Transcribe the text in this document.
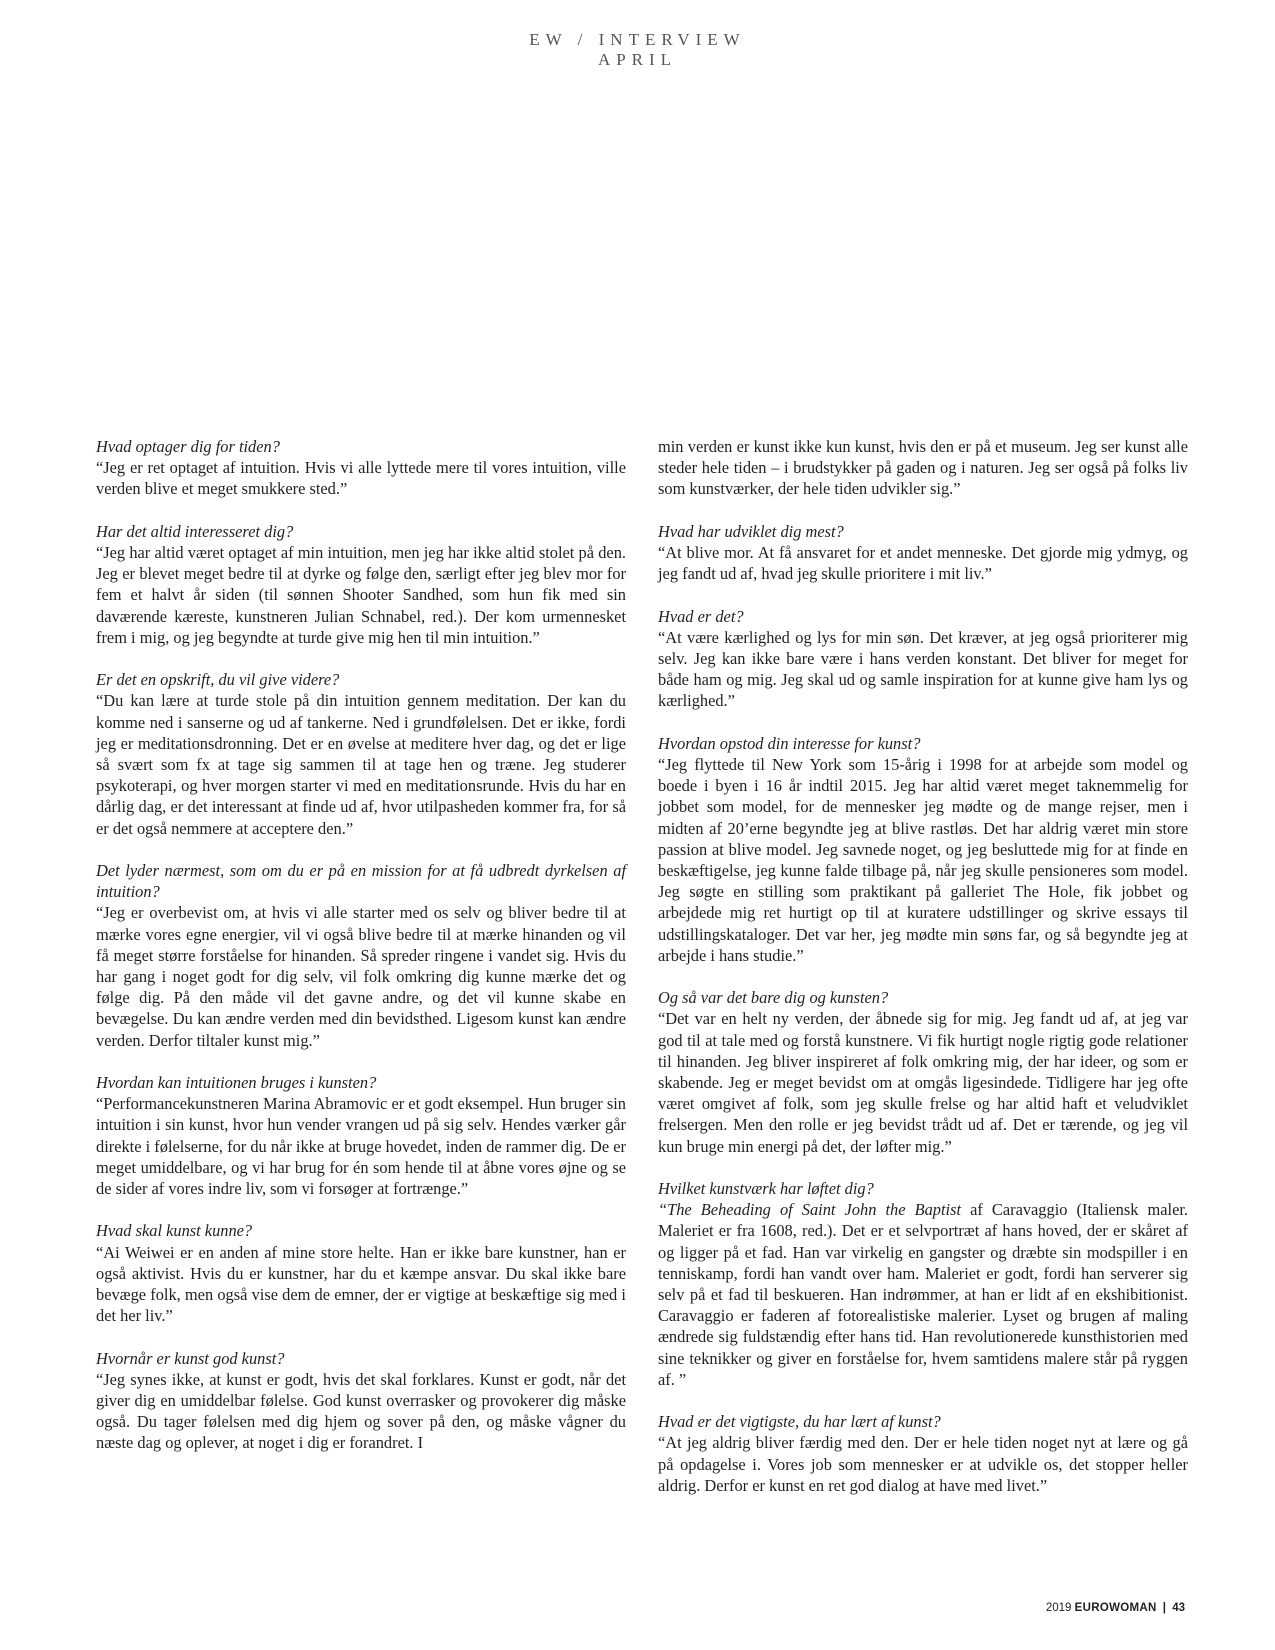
EW / INTERVIEW
APRIL
Hvad optager dig for tiden?
“Jeg er ret optaget af intuition. Hvis vi alle lyttede mere til vores intuition, ville verden blive et meget smukkere sted.”
Har det altid interesseret dig?
“Jeg har altid været optaget af min intuition, men jeg har ikke altid stolet på den. Jeg er blevet meget bedre til at dyrke og følge den, særligt efter jeg blev mor for fem et halvt år siden (til sønnen Shooter Sandhed, som hun fik med sin daværende kæreste, kunstneren Julian Schnabel, red.). Der kom urmennesket frem i mig, og jeg begyndte at turde give mig hen til min intuition.”
Er det en opskrift, du vil give videre?
“Du kan lære at turde stole på din intuition gennem meditation. Der kan du komme ned i sanserne og ud af tankerne. Ned i grundfølelsen. Det er ikke, fordi jeg er meditationsdronning. Det er en øvelse at meditere hver dag, og det er lige så svært som fx at tage sig sammen til at tage hen og træne. Jeg studerer psykoterapi, og hver morgen starter vi med en meditationsrunde. Hvis du har en dårlig dag, er det interessant at finde ud af, hvor utilpasheden kommer fra, for så er det også nemmere at acceptere den.”
Det lyder nærmest, som om du er på en mission for at få udbredt dyrkelsen af intuition?
“Jeg er overbevist om, at hvis vi alle starter med os selv og bliver bedre til at mærke vores egne energier, vil vi også blive bedre til at mærke hinanden og vil få meget større forståelse for hinanden. Så spreder ringene i vandet sig. Hvis du har gang i noget godt for dig selv, vil folk omkring dig kunne mærke det og følge dig. På den måde vil det gavne andre, og det vil kunne skabe en bevægelse. Du kan ændre verden med din bevidsthed. Ligesom kunst kan ændre verden. Derfor tiltaler kunst mig.”
Hvordan kan intuitionen bruges i kunsten?
“Performancekunstneren Marina Abramovic er et godt eksempel. Hun bruger sin intuition i sin kunst, hvor hun vender vrangen ud på sig selv. Hendes værker går direkte i følelserne, for du når ikke at bruge hovedet, inden de rammer dig. De er meget umiddelbare, og vi har brug for én som hende til at åbne vores øjne og se de sider af vores indre liv, som vi forsøger at fortrænge.”
Hvad skal kunst kunne?
“Ai Weiwei er en anden af mine store helte. Han er ikke bare kunstner, han er også aktivist. Hvis du er kunstner, har du et kæmpe ansvar. Du skal ikke bare bevæge folk, men også vise dem de emner, der er vigtige at beskæftige sig med i det her liv.”
Hvornår er kunst god kunst?
“Jeg synes ikke, at kunst er godt, hvis det skal forklares. Kunst er godt, når det giver dig en umiddelbar følelse. God kunst overrasker og provokerer dig måske også. Du tager følelsen med dig hjem og sover på den, og måske vågner du næste dag og oplever, at noget i dig er forandret. I
min verden er kunst ikke kun kunst, hvis den er på et museum. Jeg ser kunst alle steder hele tiden – i brudstykker på gaden og i naturen. Jeg ser også på folks liv som kunstværker, der hele tiden udvikler sig.”
Hvad har udviklet dig mest?
“At blive mor. At få ansvaret for et andet menneske. Det gjorde mig ydmyg, og jeg fandt ud af, hvad jeg skulle prioritere i mit liv.”
Hvad er det?
“At være kærlighed og lys for min søn. Det kræver, at jeg også prioriterer mig selv. Jeg kan ikke bare være i hans verden konstant. Det bliver for meget for både ham og mig. Jeg skal ud og samle inspiration for at kunne give ham lys og kærlighed.”
Hvordan opstod din interesse for kunst?
“Jeg flyttede til New York som 15-årig i 1998 for at arbejde som model og boede i byen i 16 år indtil 2015. Jeg har altid været meget taknemmelig for jobbet som model, for de mennesker jeg mødte og de mange rejser, men i midten af 20’erne begyndte jeg at blive rastløs. Det har aldrig været min store passion at blive model. Jeg savnede noget, og jeg besluttede mig for at finde en beskæftigelse, jeg kunne falde tilbage på, når jeg skulle pensioneres som model. Jeg søgte en stilling som praktikant på galleriet The Hole, fik jobbet og arbejdede mig ret hurtigt op til at kuratere udstillinger og skrive essays til udstillingskataloger. Det var her, jeg mødte min søns far, og så begyndte jeg at arbejde i hans studie.”
Og så var det bare dig og kunsten?
“Det var en helt ny verden, der åbnede sig for mig. Jeg fandt ud af, at jeg var god til at tale med og forstå kunstnere. Vi fik hurtigt nogle rigtig gode relationer til hinanden. Jeg bliver inspireret af folk omkring mig, der har ideer, og som er skabende. Jeg er meget bevidst om at omgås ligesindede. Tidligere har jeg ofte været omgivet af folk, som jeg skulle frelse og har altid haft et veludviklet frelsergen. Men den rolle er jeg bevidst trådt ud af. Det er tærende, og jeg vil kun bruge min energi på det, der løfter mig.”
Hvilket kunstværk har løftet dig?
“The Beheading of Saint John the Baptist af Caravaggio (Italiensk maler. Maleriet er fra 1608, red.). Det er et selvportræt af hans hoved, der er skåret af og ligger på et fad. Han var virkelig en gangster og dræbte sin modspiller i en tenniskamp, fordi han vandt over ham. Maleriet er godt, fordi han serverer sig selv på et fad til beskueren. Han indrømmer, at han er lidt af en ekshibitionist. Caravaggio er faderen af fotorealistiske malerier. Lyset og brugen af maling ændrede sig fuldstændig efter hans tid. Han revolutionerede kunsthistorien med sine teknikker og giver en forståelse for, hvem samtidens malere står på ryggen af. ”
Hvad er det vigtigste, du har lært af kunst?
“At jeg aldrig bliver færdig med den. Der er hele tiden noget nyt at lære og gå på opdagelse i. Vores job som mennesker er at udvikle os, det stopper heller aldrig. Derfor er kunst en ret god dialog at have med livet.”
2019 EUROWOMAN | 43
